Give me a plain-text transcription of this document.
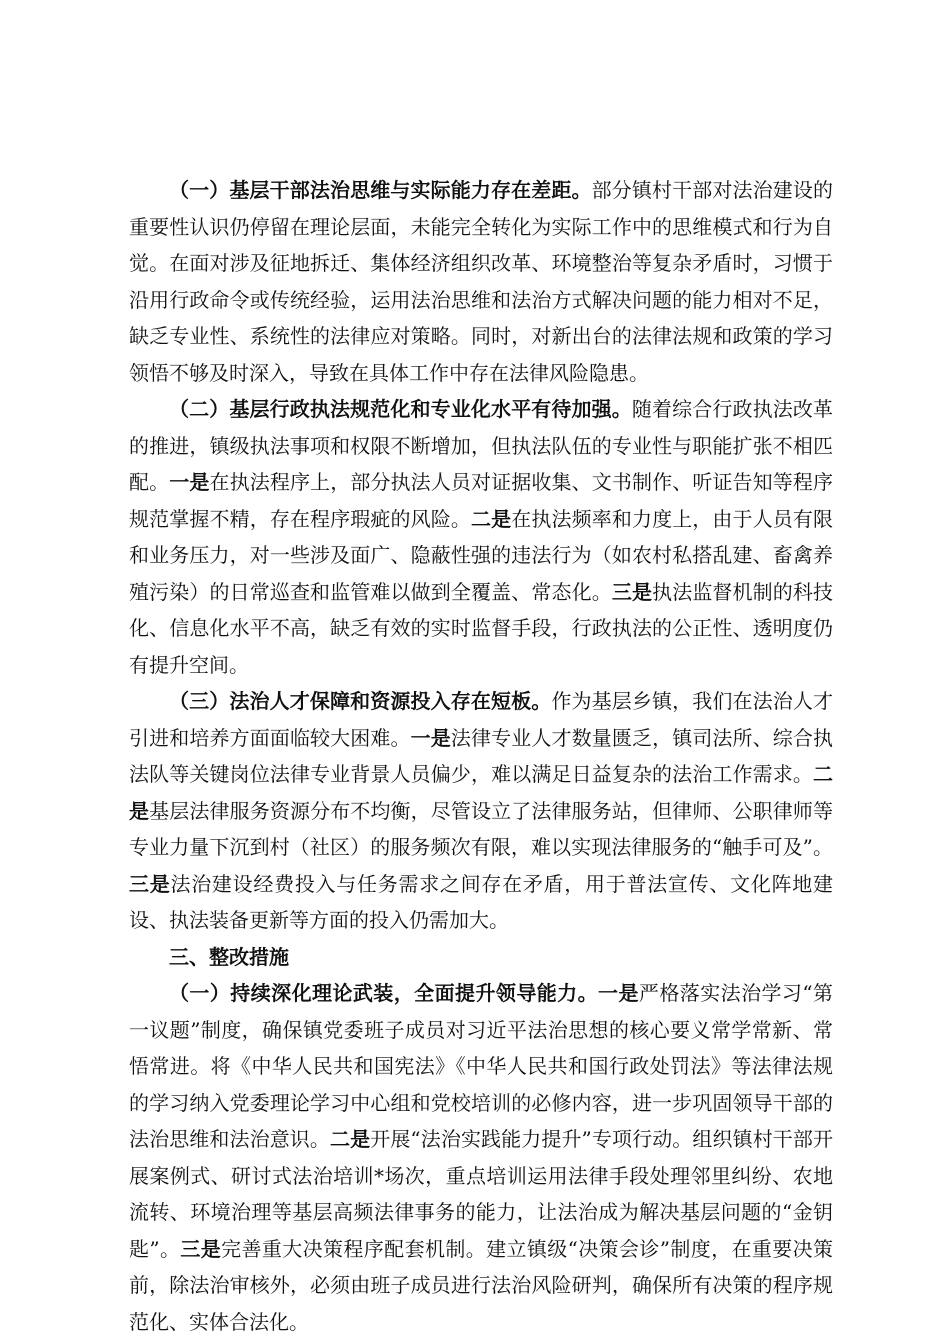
（一）基层干部法治思维与实际能力存在差距。部分镇村干部对法治建设的重要性认识仍停留在理论层面，未能完全转化为实际工作中的思维模式和行为自觉。在面对涉及征地拆迁、集体经济组织改革、环境整治等复杂矛盾时，习惯于沿用行政命令或传统经验，运用法治思维和法治方式解决问题的能力相对不足，缺乏专业性、系统性的法律应对策略。同时，对新出台的法律法规和政策的学习领悟不够及时深入，导致在具体工作中存在法律风险隐患。

（二）基层行政执法规范化和专业化水平有待加强。随着综合行政执法改革的推进，镇级执法事项和权限不断增加，但执法队伍的专业性与职能扩张不相匹配。一是在执法程序上，部分执法人员对证据收集、文书制作、听证告知等程序规范掌握不精，存在程序瑕疵的风险。二是在执法频率和力度上，由于人员有限和业务压力，对一些涉及面广、隐蔽性强的违法行为（如农村私搭乱建、畜禽养殖污染）的日常巡查和监管难以做到全覆盖、常态化。三是执法监督机制的科技化、信息化水平不高，缺乏有效的实时监督手段，行政执法的公正性、透明度仍有提升空间。

（三）法治人才保障和资源投入存在短板。作为基层乡镇，我们在法治人才引进和培养方面面临较大困难。一是法律专业人才数量匮乏，镇司法所、综合执法队等关键岗位法律专业背景人员偏少，难以满足日益复杂的法治工作需求。二是基层法律服务资源分布不均衡，尽管设立了法律服务站，但律师、公职律师等专业力量下沉到村（社区）的服务频次有限，难以实现法律服务的“触手可及”。三是法治建设经费投入与任务需求之间存在矛盾，用于普法宣传、文化阵地建设、执法装备更新等方面的投入仍需加大。

三、整改措施

（一）持续深化理论武装，全面提升领导能力。一是严格落实法治学习“第一议题”制度，确保镇党委班子成员对习近平法治思想的核心要义常学常新、常悟常进。将《中华人民共和国宪法》《中华人民共和国行政处罚法》等法律法规的学习纳入党委理论学习中心组和党校培训的必修内容，进一步巩固领导干部的法治思维和法治意识。二是开展“法治实践能力提升”专项行动。组织镇村干部开展案例式、研讨式法治培训*场次，重点培训运用法律手段处理邻里纠纷、农地流转、环境治理等基层高频法律事务的能力，让法治成为解决基层问题的“金钥匙”。三是完善重大决策程序配套机制。建立镇级“决策会诊”制度，在重要决策前，除法治审核外，必须由班子成员进行法治风险研判，确保所有决策的程序规范化、实体合法化。
